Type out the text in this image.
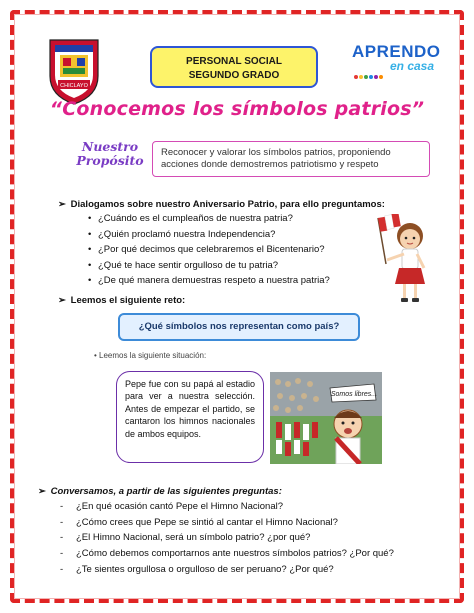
CHICLAYO
PERSONAL SOCIAL
SEGUNDO GRADO
APRENDO
en casa
“Conocemos los símbolos patrios”
Nuestro
Propósito
Reconocer y valorar los símbolos patrios, proponiendo acciones donde demostremos patriotismo y respeto
➢ Dialogamos sobre nuestro Aniversario Patrio, para ello preguntamos:
• ¿Cuándo es el cumpleaños de nuestra patria?
• ¿Quién proclamó nuestra Independencia?
• ¿Por qué decimos que celebraremos el Bicentenario?
• ¿Qué te hace sentir orgulloso de tu patria?
• ¿De qué manera demuestras respeto a nuestra patria?
➢ Leemos el siguiente reto:
¿Qué símbolos nos representan como país?
• Leemos la siguiente situación:
Pepe fue con su papá al estadio para ver a nuestra selección. Antes de empezar el partido, se cantaron los himnos nacionales de ambos equipos.
Somos libres...
➢ Conversamos, a partir de las siguientes preguntas:
- ¿En qué ocasión cantó Pepe el Himno Nacional?
- ¿Cómo crees que Pepe se sintió al cantar el Himno Nacional?
- ¿El Himno Nacional, será un símbolo patrio? ¿por qué?
- ¿Cómo debemos comportarnos ante nuestros símbolos patrios? ¿Por qué?
- ¿Te sientes orgullosa o orgulloso de ser peruano? ¿Por qué?
